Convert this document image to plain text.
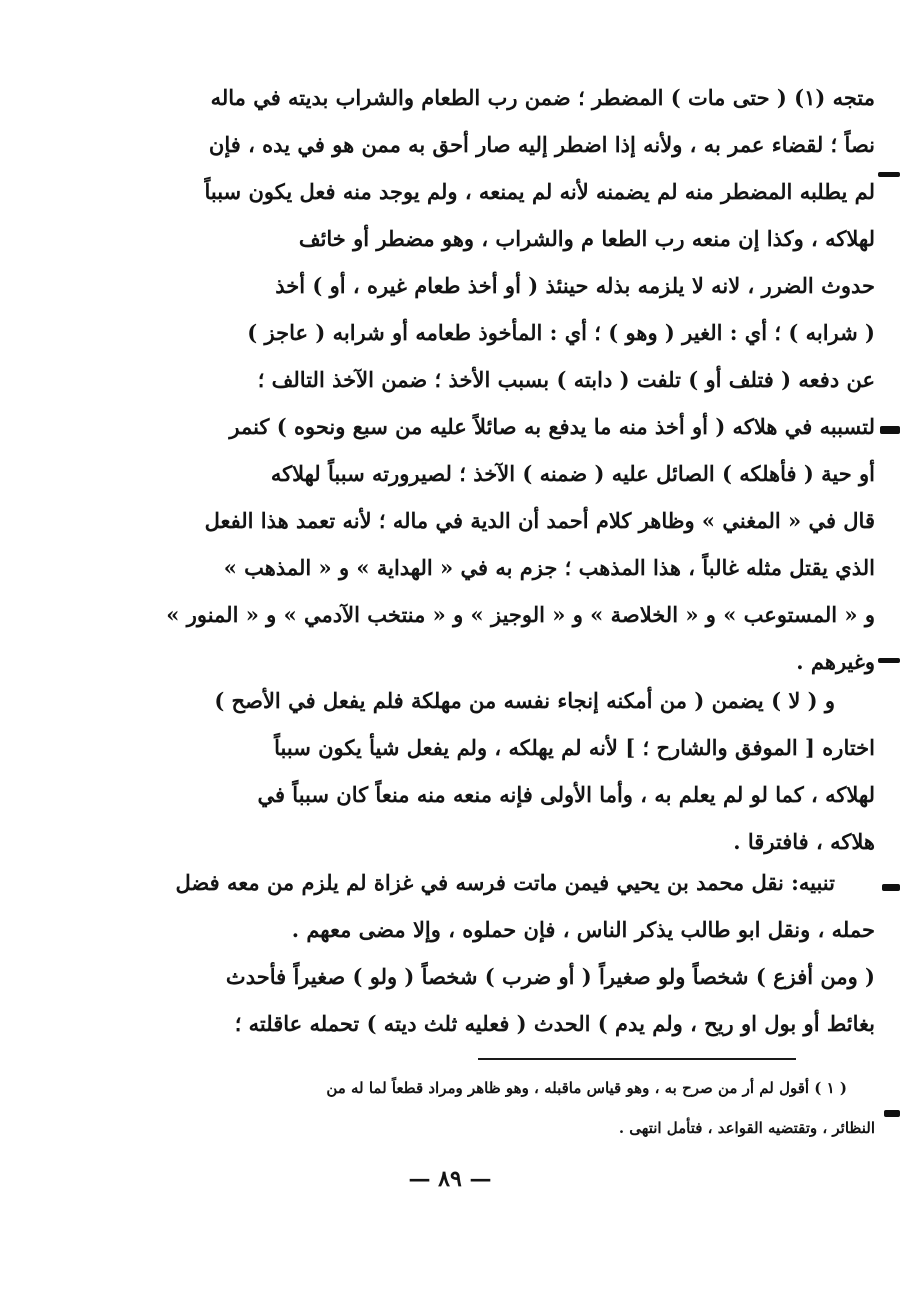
متجه (١) ( حتى مات ) المضطر ؛ ضمن رب الطعام والشراب بديته في ماله
نصاً ؛ لقضاء عمر به ، ولأنه إذا اضطر إليه صار أحق به ممن هو في يده ، فإن
لم يطلبه المضطر منه لم يضمنه لأنه لم يمنعه ، ولم يوجد منه فعل يكون سبباً
لهلاكه ، وكذا إن منعه رب الطعا م والشراب ، وهو مضطر أو خائف
حدوث الضرر ، لانه لا يلزمه بذله حينئذ ( أو أخذ طعام غيره ، أو ) أخذ
( شرابه ) ؛ أي : الغير ( وهو ) ؛ أي : المأخوذ طعامه أو شرابه ( عاجز )
عن دفعه ( فتلف أو ) تلفت ( دابته ) بسبب الأخذ ؛ ضمن الآخذ التالف ؛
لتسببه في هلاكه ( أو أخذ منه ما يدفع به صائلاً عليه من سبع ونحوه ) كنمر
أو حية ( فأهلكه ) الصائل عليه ( ضمنه ) الآخذ ؛ لصيرورته سبباً لهلاكه
قال في « المغني » وظاهر كلام أحمد أن الدية في ماله ؛ لأنه تعمد هذا الفعل
الذي يقتل مثله غالباً ، هذا المذهب ؛ جزم به في « الهداية » و « المذهب »
و « المستوعب » و « الخلاصة » و « الوجيز » و « منتخب الآدمي » و « المنور »
وغيرهم .
و ( لا ) يضمن ( من أمكنه إنجاء نفسه من مهلكة فلم يفعل في الأصح )
اختاره [ الموفق والشارح ؛ ] لأنه لم يهلكه ، ولم يفعل شيأ يكون سبباً
لهلاكه ، كما لو لم يعلم به ، وأما الأولى فإنه منعه منه منعاً كان سبباً في
هلاكه ، فافترقا .
تنبيه: نقل محمد بن يحيي فيمن ماتت فرسه في غزاة لم يلزم من معه فضل
حمله ، ونقل ابو طالب يذكر الناس ، فإن حملوه ، وإلا مضى معهم .
( ومن أفزع ) شخصاً ولو صغيراً ( أو ضرب ) شخصاً ( ولو ) صغيراً فأحدث
بغائط أو بول او ريح ، ولم يدم ) الحدث ( فعليه ثلث ديته ) تحمله عاقلته ؛
( ١ ) أقول لم أر من صرح به ، وهو قياس ماقبله ، وهو ظاهر ومراد قطعاً لما له من
النظائر ، وتقتضيه القواعد ، فتأمل انتهى .
— ٨٩ —
